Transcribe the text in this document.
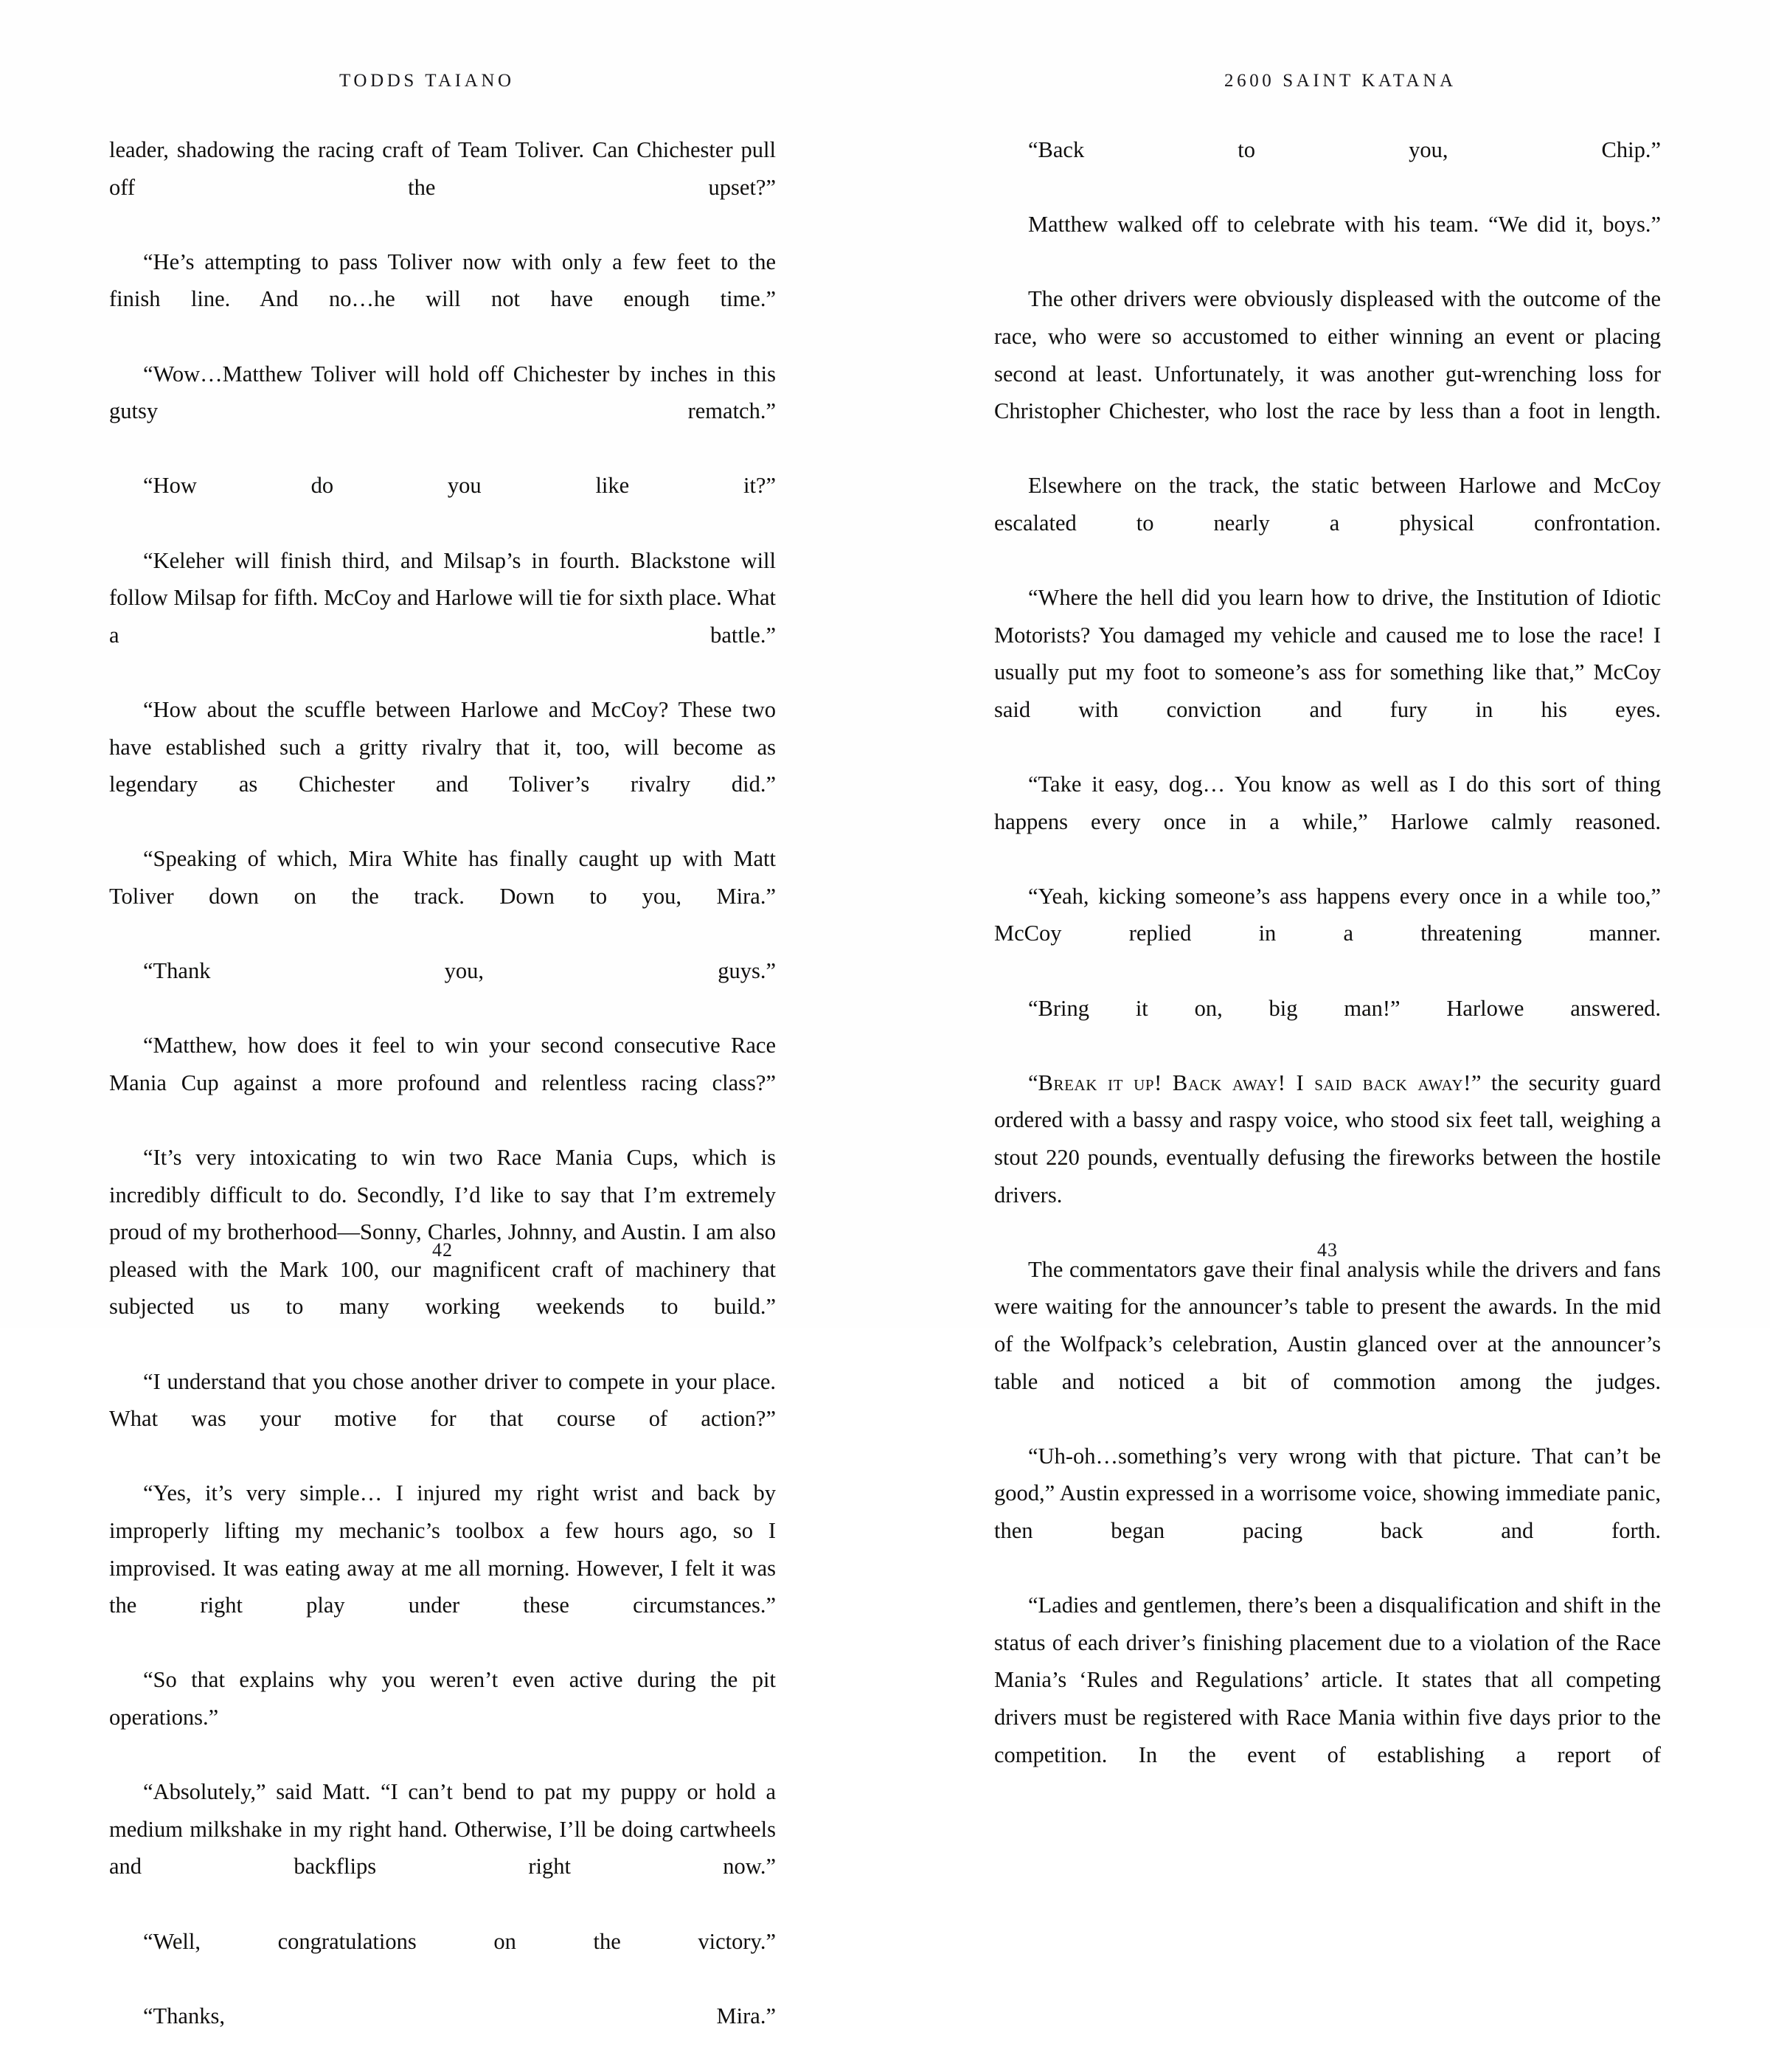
TODDS TAIANO

leader, shadowing the racing craft of Team Toliver. Can Chichester pull off the upset?”

“He’s attempting to pass Toliver now with only a few feet to the finish line. And no…he will not have enough time.”

“Wow…Matthew Toliver will hold off Chichester by inches in this gutsy rematch.”

“How do you like it?”

“Keleher will finish third, and Milsap’s in fourth. Blackstone will follow Milsap for fifth. McCoy and Harlowe will tie for sixth place. What a battle.”

“How about the scuffle between Harlowe and McCoy? These two have established such a gritty rivalry that it, too, will become as legendary as Chichester and Toliver’s rivalry did.”

“Speaking of which, Mira White has finally caught up with Matt Toliver down on the track. Down to you, Mira.”

“Thank you, guys.”

“Matthew, how does it feel to win your second consecutive Race Mania Cup against a more profound and relentless racing class?”

“It’s very intoxicating to win two Race Mania Cups, which is incredibly difficult to do. Secondly, I’d like to say that I’m extremely proud of my brotherhood—Sonny, Charles, Johnny, and Austin. I am also pleased with the Mark 100, our magnificent craft of machinery that subjected us to many working weekends to build.”

“I understand that you chose another driver to compete in your place. What was your motive for that course of action?”

“Yes, it’s very simple… I injured my right wrist and back by improperly lifting my mechanic’s toolbox a few hours ago, so I improvised. It was eating away at me all morning. However, I felt it was the right play under these circumstances.”

“So that explains why you weren’t even active during the pit operations.”

“Absolutely,” said Matt. “I can’t bend to pat my puppy or hold a medium milkshake in my right hand. Otherwise, I’ll be doing cartwheels and backflips right now.”

“Well, congratulations on the victory.”

“Thanks, Mira.”

42
2600 SAINT KATANA

“Back to you, Chip.”

Matthew walked off to celebrate with his team. “We did it, boys.”

The other drivers were obviously displeased with the outcome of the race, who were so accustomed to either winning an event or placing second at least. Unfortunately, it was another gut-wrenching loss for Christopher Chichester, who lost the race by less than a foot in length.

Elsewhere on the track, the static between Harlowe and McCoy escalated to nearly a physical confrontation.

“Where the hell did you learn how to drive, the Institution of Idiotic Motorists? You damaged my vehicle and caused me to lose the race! I usually put my foot to someone’s ass for something like that,” McCoy said with conviction and fury in his eyes.

“Take it easy, dog… You know as well as I do this sort of thing happens every once in a while,” Harlowe calmly reasoned.

“Yeah, kicking someone’s ass happens every once in a while too,” McCoy replied in a threatening manner.

“Bring it on, big man!” Harlowe answered.

“Break it up! Back away! I said back away!” the security guard ordered with a bassy and raspy voice, who stood six feet tall, weighing a stout 220 pounds, eventually defusing the fireworks between the hostile drivers.

The commentators gave their final analysis while the drivers and fans were waiting for the announcer’s table to present the awards. In the mid of the Wolfpack’s celebration, Austin glanced over at the announcer’s table and noticed a bit of commotion among the judges.

“Uh-oh…something’s very wrong with that picture. That can’t be good,” Austin expressed in a worrisome voice, showing immediate panic, then began pacing back and forth.

“Ladies and gentlemen, there’s been a disqualification and shift in the status of each driver’s finishing placement due to a violation of the Race Mania’s ‘Rules and Regulations’ article. It states that all competing drivers must be registered with Race Mania within five days prior to the competition. In the event of establishing a report of

43
